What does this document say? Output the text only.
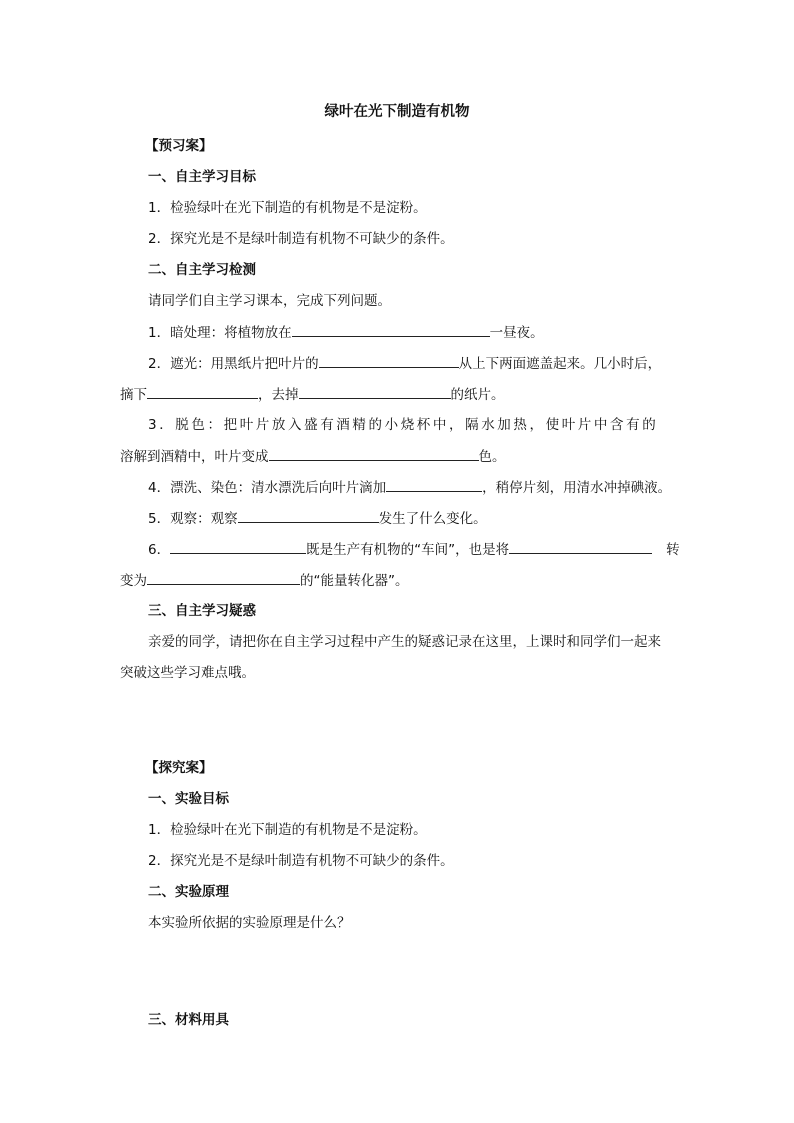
绿叶在光下制造有机物
【预习案】
一、自主学习目标
1．检验绿叶在光下制造的有机物是不是淀粉。
2．探究光是不是绿叶制造有机物不可缺少的条件。
二、自主学习检测
请同学们自主学习课本，完成下列问题。
1．暗处理：将植物放在	一昼夜。
2．遮光：用黑纸片把叶片的	从上下两面遮盖起来。几小时后，
摘下	，去掉	的纸片。
3．脱色：把叶片放入盛有酒精的小烧杯中，隔水加热，使叶片中含有的
溶解到酒精中，叶片变成	色。
4．漂洗、染色：清水漂洗后向叶片滴加	，稍停片刻，用清水冲掉碘液。
5．观察：观察	发生了什么变化。
6．	既是生产有机物的“车间”，也是将	转
变为	的“能量转化器”。
三、自主学习疑惑
亲爱的同学，请把你在自主学习过程中产生的疑惑记录在这里，上课时和同学们一起来
突破这些学习难点哦。
【探究案】
一、实验目标
1．检验绿叶在光下制造的有机物是不是淀粉。
2．探究光是不是绿叶制造有机物不可缺少的条件。
二、实验原理
本实验所依据的实验原理是什么？
三、材料用具
